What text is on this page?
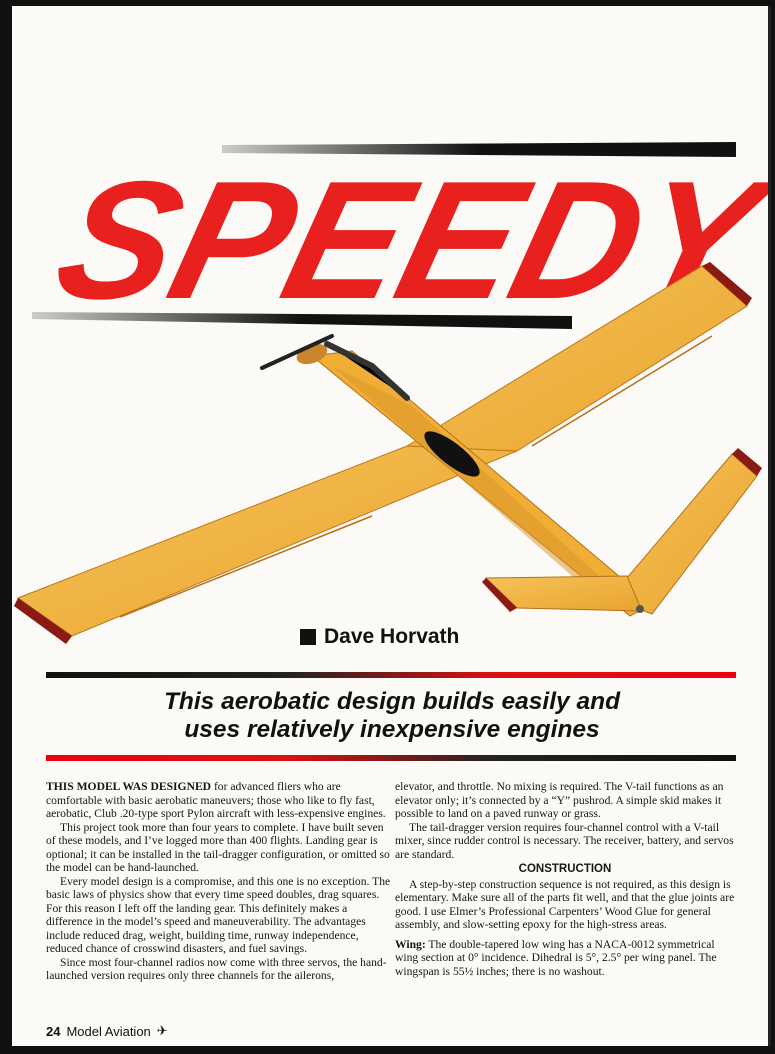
SPEEDY
Dave Horvath
This aerobatic design builds easily and
uses relatively inexpensive engines

THIS MODEL WAS DESIGNED for advanced fliers who are comfortable with basic aerobatic maneuvers; those who like to fly fast, aerobatic, Club .20-type sport Pylon aircraft with less-expensive engines.

This project took more than four years to complete. I have built seven of these models, and I’ve logged more than 400 flights. Landing gear is optional; it can be installed in the tail-dragger configuration, or omitted so the model can be hand-launched.

Every model design is a compromise, and this one is no exception. The basic laws of physics show that every time speed doubles, drag squares. For this reason I left off the landing gear. This definitely makes a difference in the model’s speed and maneuverability. The advantages include reduced drag, weight, building time, runway independence, reduced chance of crosswind disasters, and fuel savings.

Since most four-channel radios now come with three servos, the hand-launched version requires only three channels for the ailerons,

elevator, and throttle. No mixing is required. The V-tail functions as an elevator only; it’s connected by a “Y” pushrod. A simple skid makes it possible to land on a paved runway or grass.

The tail-dragger version requires four-channel control with a V-tail mixer, since rudder control is necessary. The receiver, battery, and servos are standard.

CONSTRUCTION

A step-by-step construction sequence is not required, as this design is elementary. Make sure all of the parts fit well, and that the glue joints are good. I use Elmer’s Professional Carpenters’ Wood Glue for general assembly, and slow-setting epoxy for the high-stress areas.

Wing: The double-tapered low wing has a NACA-0012 symmetrical wing section at 0° incidence. Dihedral is 5°, 2.5° per wing panel. The wingspan is 55½ inches; there is no washout.

24 Model Aviation ✈
